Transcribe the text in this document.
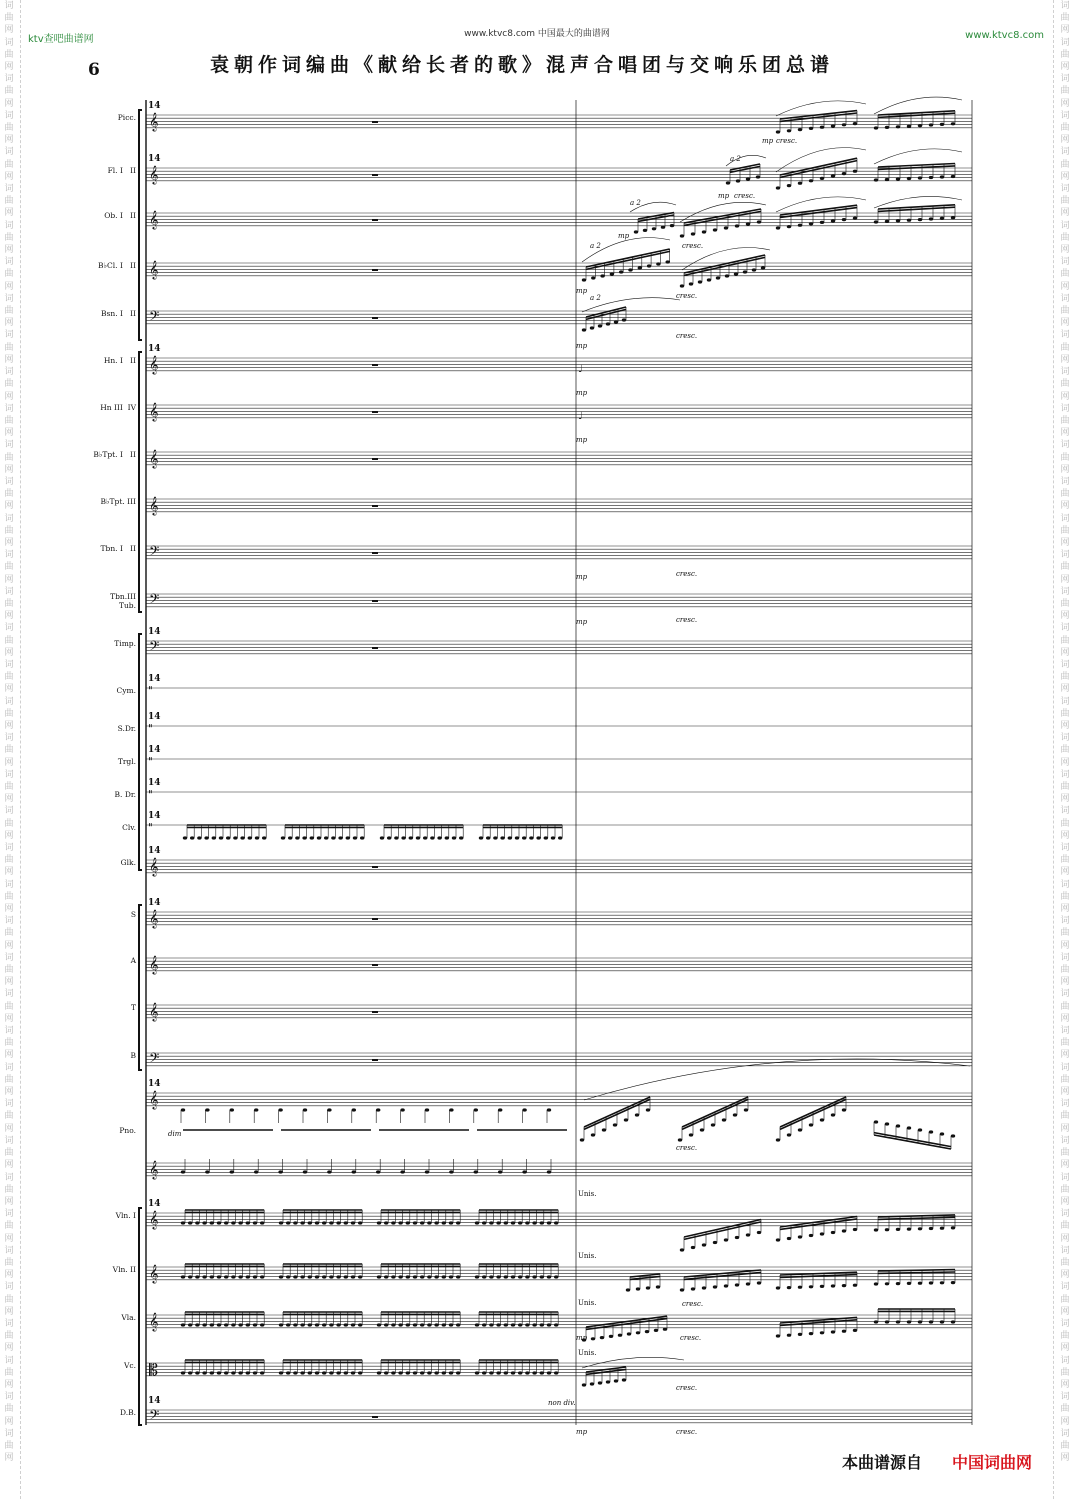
词曲网词曲网词曲网词曲网词曲网词曲网词曲网词曲网词曲网词曲网词曲网词曲网词曲网词曲网词曲网词曲网词曲网词曲网词曲网词曲网词曲网词曲网词曲网词曲网词曲网词曲网词曲网词曲网词曲网词曲网词曲网词曲网词曲网词曲网词曲网词曲网词曲网词曲网词曲网词曲网
词曲网词曲网词曲网词曲网词曲网词曲网词曲网词曲网词曲网词曲网词曲网词曲网词曲网词曲网词曲网词曲网词曲网词曲网词曲网词曲网词曲网词曲网词曲网词曲网词曲网词曲网词曲网词曲网词曲网词曲网词曲网词曲网词曲网词曲网词曲网词曲网词曲网词曲网词曲网词曲网
www.ktvc8.com 中国最大的曲谱网
ktv查吧曲谱网	www.ktvc8.com
6	袁朝作词编曲《献给长者的歌》混声合唱团与交响乐团总谱
𝄞
𝄞
𝄞
𝄞
𝄢
𝄞
𝄞
𝄞
𝄞
𝄢
𝄢
𝄢
𝄥
𝄥
𝄥
𝄥
𝄥
𝄞
𝄞
𝄞
𝄞
𝄢
𝄞
𝄞
𝄞
𝄞
𝄞
𝄡
𝄢
mp cresc.
a 2
mp cresc.
a 2
mp
cresc.
a 2
mp
cresc.
a 2
mp
cresc.
♩
mp
♩
mp
mp	cresc.
mp	cresc.
dim
cresc.
Unis.
Unis.
Unis.
Unis.
mp
cresc.
cresc.
cresc.
non div.
mp	cresc.
Picc.
14
Fl. I   II
14
Ob. I   II
B♭Cl. I   II
Bsn. I   II
Hn. I   II
14
Hn III  IV
B♭Tpt. I   II
B♭Tpt. III
Tbn. I   II
Tbn.III
Tub.
Timp.
14
Cym.
14
S.Dr.
14
Trgl.
14
B. Dr.
14
Clv.
14
Glk.
14
S
14
A
T
B
Pno.
14
Vln. I
14
Vln. II
Vla.
Vc.
D.B.
14
本曲谱源自 中国词曲网
